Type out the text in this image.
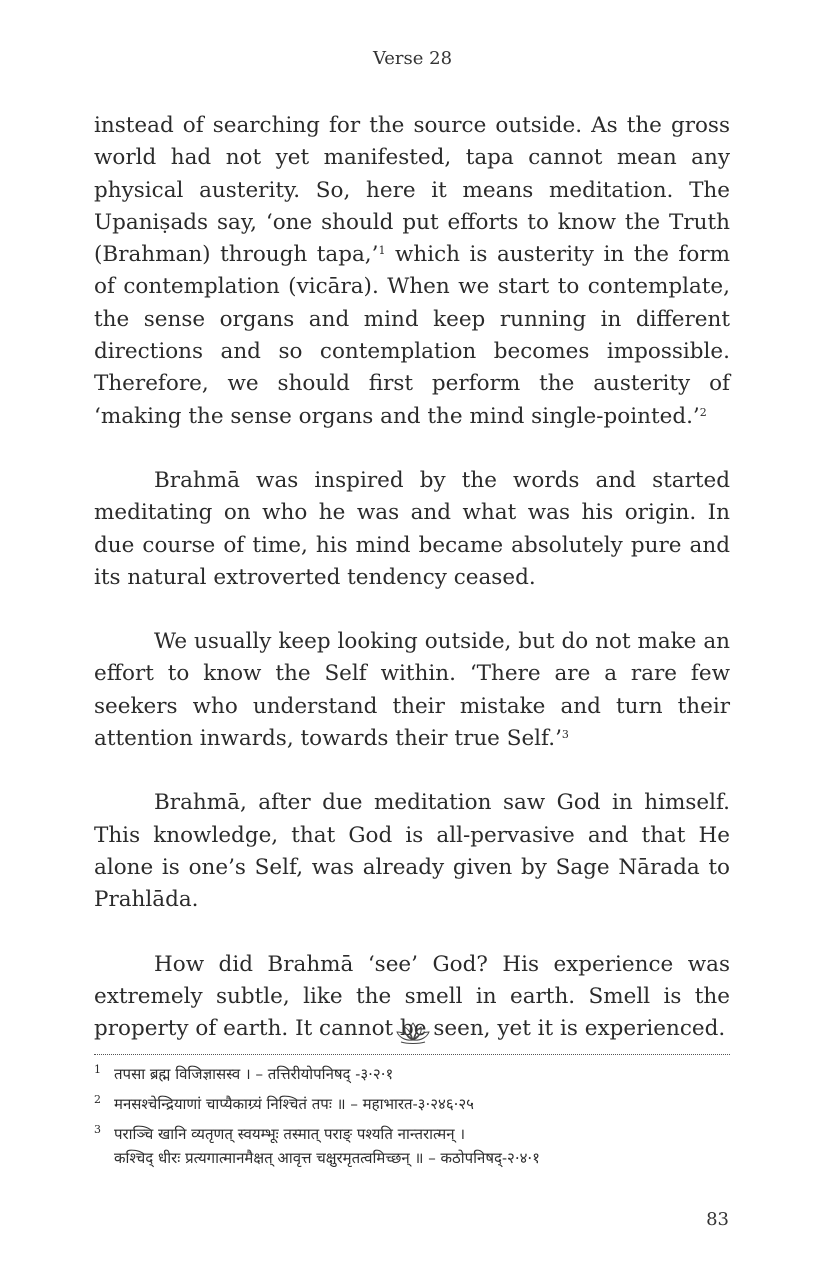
Verse 28

instead of searching for the source outside. As the gross world had not yet manifested, tapa cannot mean any physical austerity. So, here it means meditation. The Upaniṣads say, ‘one should put efforts to know the Truth (Brahman) through tapa,’$^1$ which is austerity in the form of contemplation (vicāra). When we start to contemplate, the sense organs and mind keep running in different directions and so contemplation becomes impossible. Therefore, we should first perform the austerity of ‘making the sense organs and the mind single-pointed.’$^2$

Brahmā was inspired by the words and started meditating on who he was and what was his origin. In due course of time, his mind became absolutely pure and its natural extroverted tendency ceased.

We usually keep looking outside, but do not make an effort to know the Self within. ‘There are a rare few seekers who understand their mistake and turn their attention inwards, towards their true Self.’$^3$

Brahmā, after due meditation saw God in himself. This knowledge, that God is all-pervasive and that He alone is one’s Self, was already given by Sage Nārada to Prahlāda.

How did Brahmā ‘see’ God? His experience was extremely subtle, like the smell in earth. Smell is the property of earth. It cannot be seen, yet it is experienced.

1 तपसा ब्रह्म विजिज्ञासस्व । – तत्तिरीयोपनिषद् -३·२·१
2 मनसश्चेन्द्रियाणां चाप्यैकाग्र्यं निश्चितं तपः ॥ – महाभारत-३·२४६·२५
3 पराञ्चि खानि व्यतृणत् स्वयम्भूः तस्मात् पराङ् पश्यति नान्तरात्मन् ।
कश्चिद् धीरः प्रत्यगात्मानमैक्षत् आवृत्त चक्षुरमृतत्वमिच्छन् ॥ – कठोपनिषद्-२·४·१
83
